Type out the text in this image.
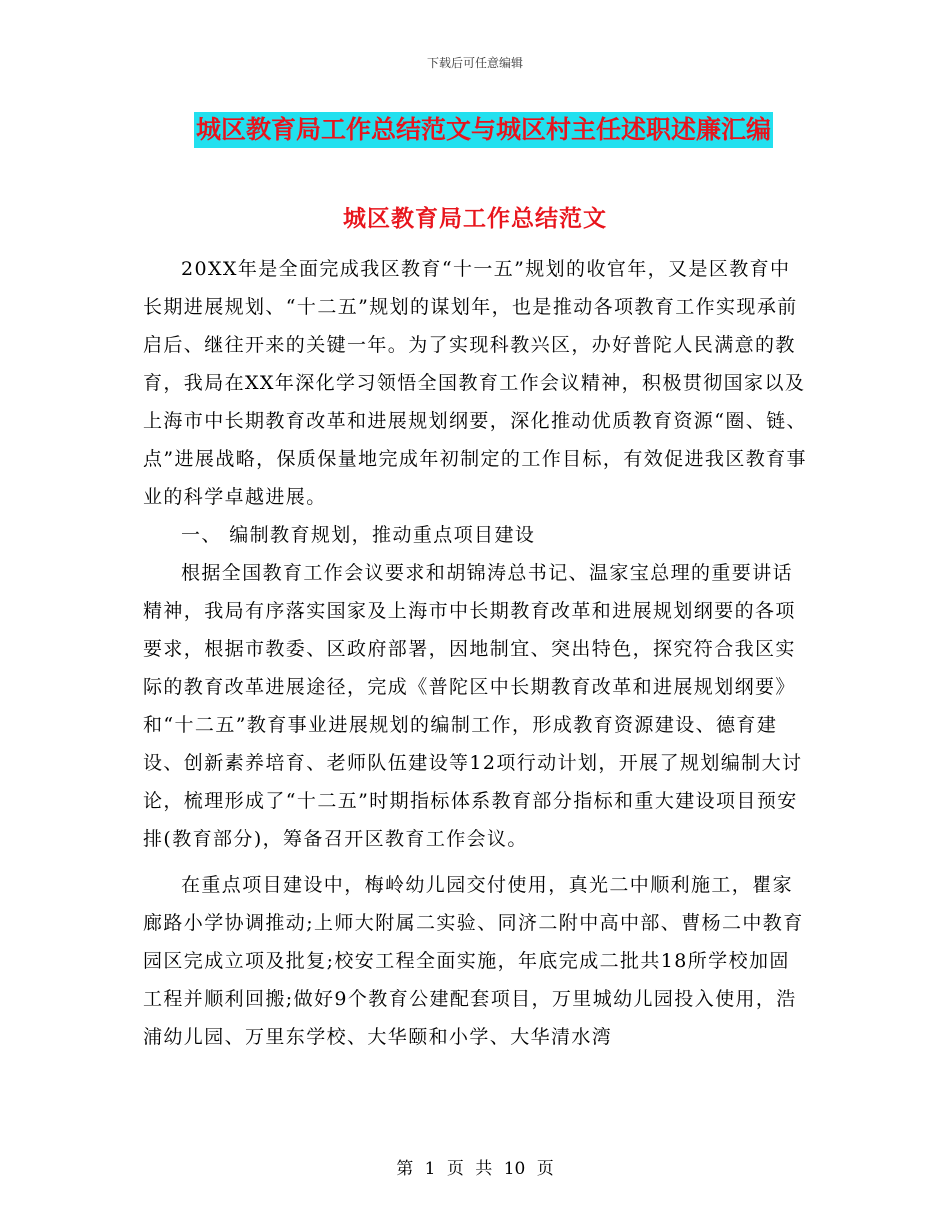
下载后可任意编辑
城区教育局工作总结范文与城区村主任述职述廉汇编
城区教育局工作总结范文

20XX年是全面完成我区教育“十一五”规划的收官年，又是区教育中长期进展规划、“十二五”规划的谋划年，也是推动各项教育工作实现承前启后、继往开来的关键一年。为了实现科教兴区，办好普陀人民满意的教育，我局在XX年深化学习领悟全国教育工作会议精神，积极贯彻国家以及上海市中长期教育改革和进展规划纲要，深化推动优质教育资源“圈、链、点”进展战略，保质保量地完成年初制定的工作目标，有效促进我区教育事业的科学卓越进展。

一、 编制教育规划，推动重点项目建设

根据全国教育工作会议要求和胡锦涛总书记、温家宝总理的重要讲话精神，我局有序落实国家及上海市中长期教育改革和进展规划纲要的各项要求，根据市教委、区政府部署，因地制宜、突出特色，探究符合我区实际的教育改革进展途径，完成《普陀区中长期教育改革和进展规划纲要》和“十二五”教育事业进展规划的编制工作，形成教育资源建设、德育建设、创新素养培育、老师队伍建设等12项行动计划，开展了规划编制大讨论，梳理形成了“十二五”时期指标体系教育部分指标和重大建设项目预安排(教育部分)，筹备召开区教育工作会议。

在重点项目建设中，梅岭幼儿园交付使用，真光二中顺利施工，瞿家廊路小学协调推动;上师大附属二实验、同济二附中高中部、曹杨二中教育园区完成立项及批复;校安工程全面实施，年底完成二批共18所学校加固工程并顺利回搬;做好9个教育公建配套项目，万里城幼儿园投入使用，浩浦幼儿园、万里东学校、大华颐和小学、大华清水湾

第 1 页 共 10 页
